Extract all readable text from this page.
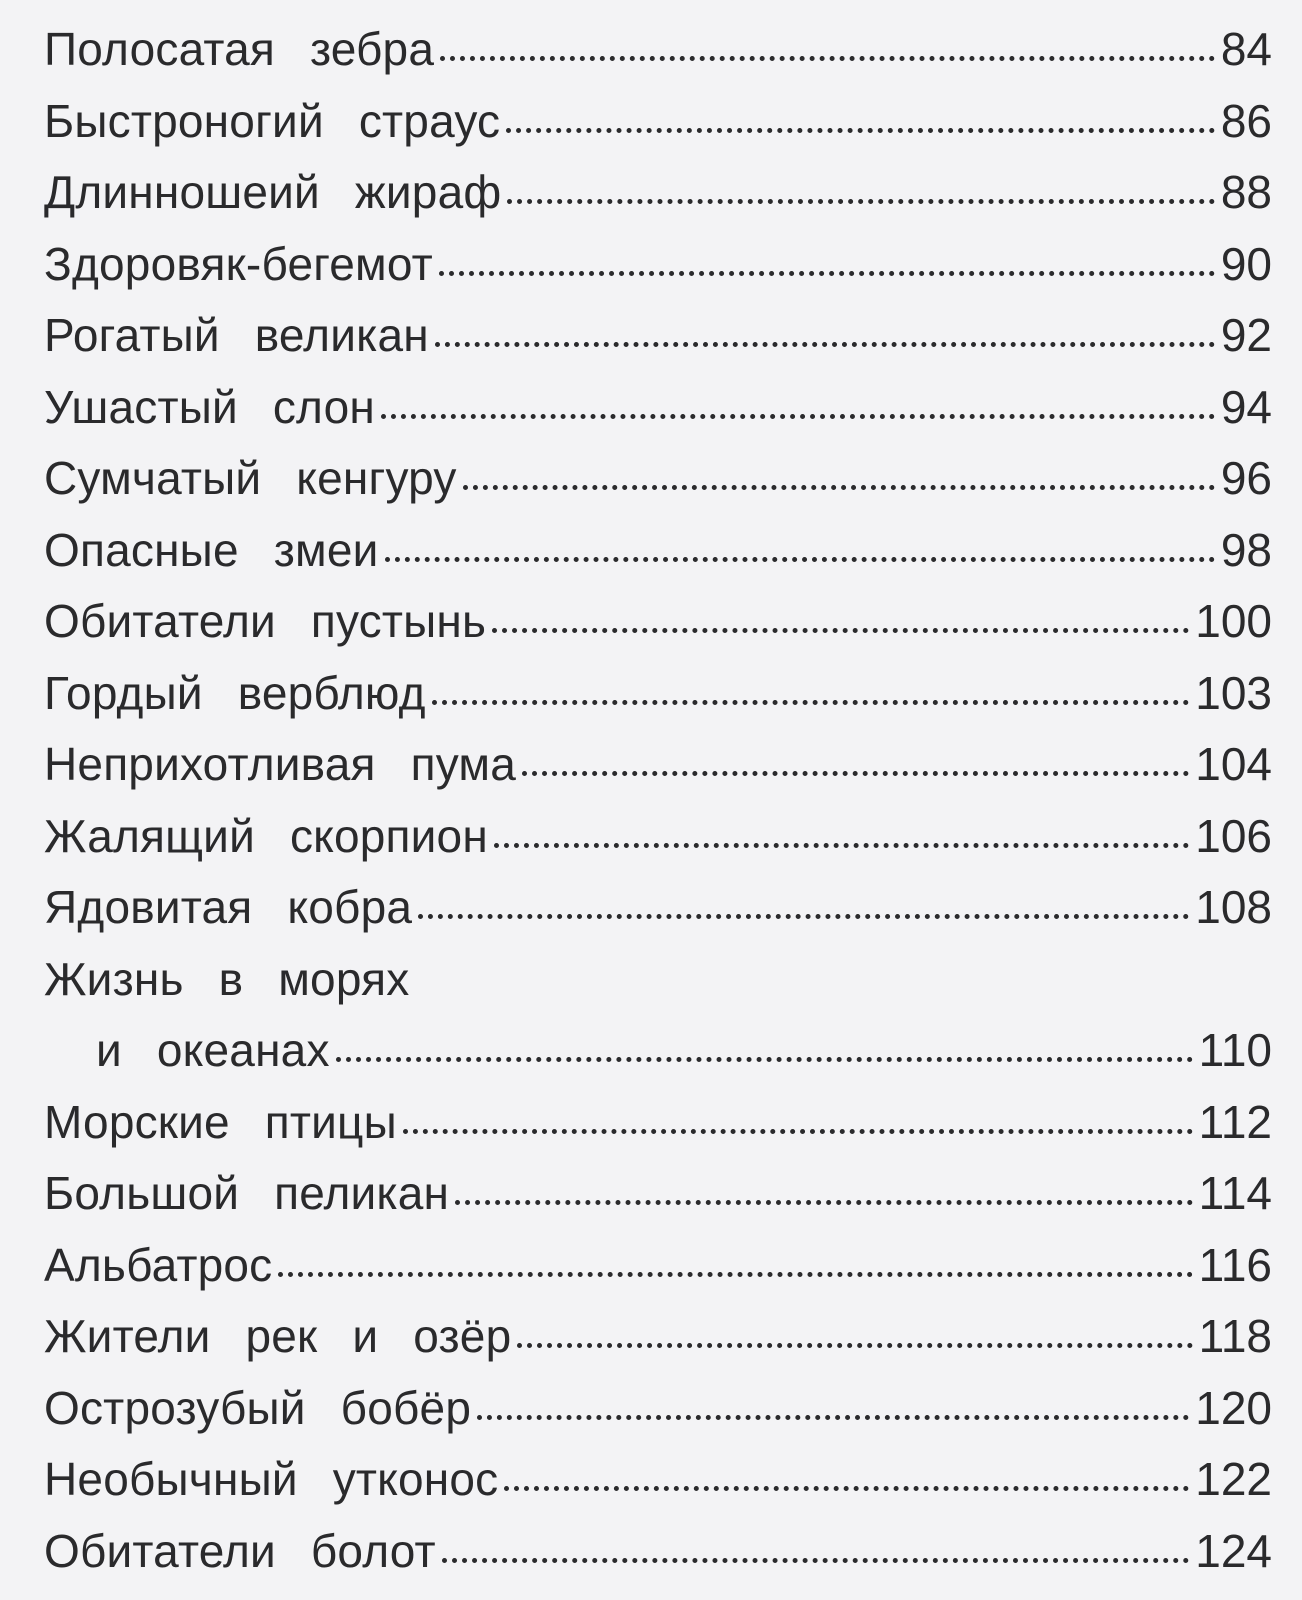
Полосатая зебра	84
Быстроногий страус	86
Длинношеий жираф	88
Здоровяк-бегемот	90
Рогатый великан	92
Ушастый слон	94
Сумчатый кенгуру	96
Опасные змеи	98
Обитатели пустынь	100
Гордый верблюд	103
Неприхотливая пума	104
Жалящий скорпион	106
Ядовитая кобра	108
Жизнь в морях
и океанах	110
Морские птицы	112
Большой пеликан	114
Альбатрос	116
Жители рек и озёр	118
Острозубый бобёр	120
Необычный утконос	122
Обитатели болот	124
